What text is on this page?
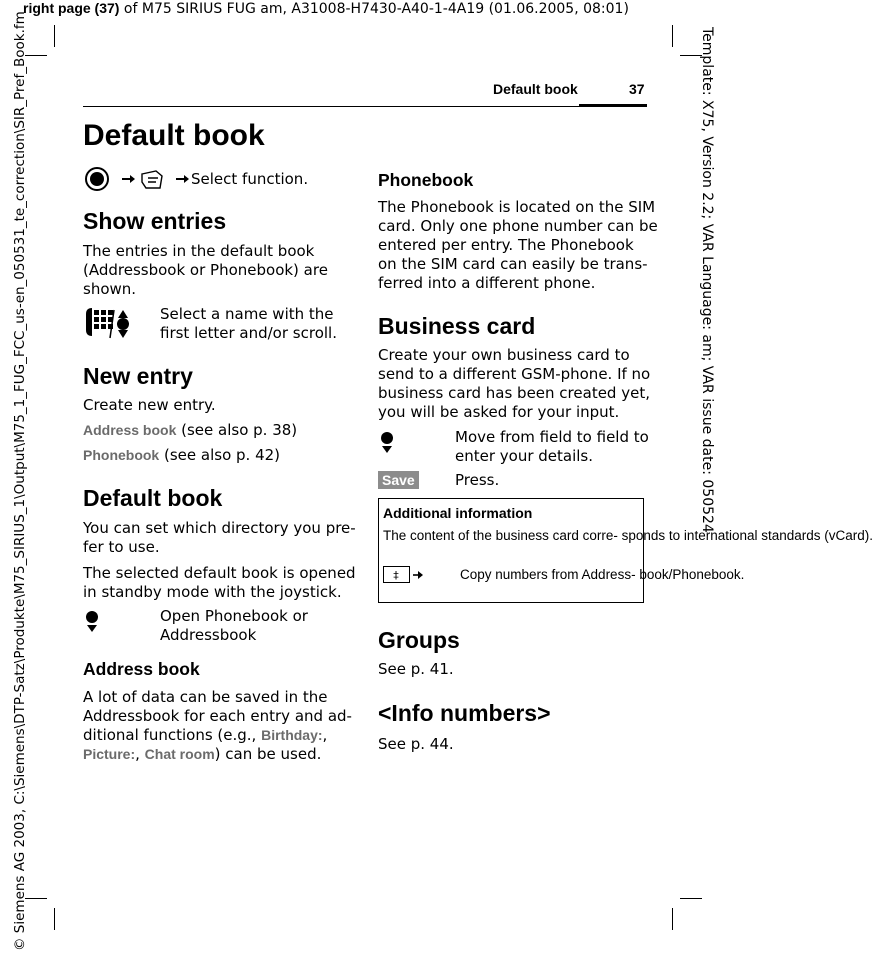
right page (37) of M75 SIRIUS FUG am, A31008-H7430-A40-1-4A19 (01.06.2005, 08:01)
© Siemens AG 2003, C:\Siemens\DTP-Satz\Produkte\M75_SIRIUS_1\Output\M75_1_FUG_FCC_us-en_050531_te_correction\SIR_Pref_Book.fm	Template: X75, Version 2.2; VAR Language: am; VAR issue date: 050524
Default book	37
Default book
Select function.
Show entries
The entries in the default book
(Addressbook or Phonebook) are
shown.
Select a name with the
first letter and/or scroll.
New entry
Create new entry.
Address book (see also p. 38)
Phonebook (see also p. 42)
Default book
You can set which directory you pre-
fer to use.
The selected default book is opened
in standby mode with the joystick.
Open Phonebook or
Addressbook
Address book
A lot of data can be saved in the
Addressbook for each entry and ad-
ditional functions (e.g., Birthday:,
Picture:, Chat room) can be used.
Phonebook
The Phonebook is located on the SIM
card. Only one phone number can be
entered per entry. The Phonebook
on the SIM card can easily be trans-
ferred into a different phone.
Business card
Create your own business card to
send to a different GSM-phone. If no
business card has been created yet,
you will be asked for your input.
Move from field to field to
enter your details.
Save	Press.
Additional information
The content of the business card corre- sponds to international standards (vCard).
‡	Copy numbers from Address- book/Phonebook.
Groups
See p. 41.
<Info numbers>
See p. 44.
